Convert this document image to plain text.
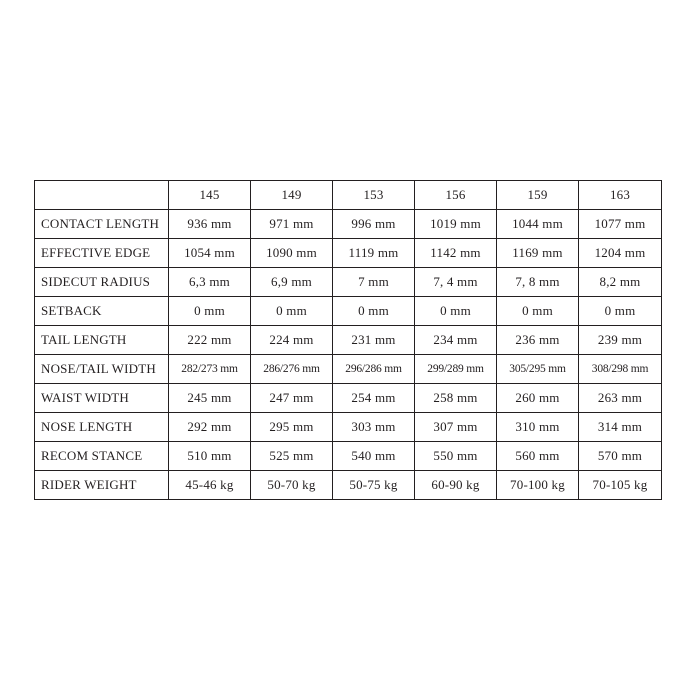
	145	149	153	156	159	163
CONTACT LENGTH	936 mm	971 mm	996 mm	1019 mm	1044 mm	1077 mm
EFFECTIVE EDGE	1054 mm	1090 mm	1119 mm	1142 mm	1169 mm	1204 mm
SIDECUT RADIUS	6,3 mm	6,9 mm	7 mm	7, 4 mm	7, 8 mm	8,2 mm
SETBACK	0 mm	0 mm	0 mm	0 mm	0 mm	0 mm
TAIL LENGTH	222 mm	224 mm	231 mm	234 mm	236 mm	239 mm
NOSE/TAIL WIDTH	282/273 mm	286/276 mm	296/286 mm	299/289 mm	305/295 mm	308/298 mm
WAIST WIDTH	245 mm	247 mm	254 mm	258 mm	260 mm	263 mm
NOSE LENGTH	292 mm	295 mm	303 mm	307 mm	310 mm	314 mm
RECOM STANCE	510 mm	525 mm	540 mm	550 mm	560 mm	570 mm
RIDER WEIGHT	45-46 kg	50-70 kg	50-75 kg	60-90 kg	70-100 kg	70-105 kg
